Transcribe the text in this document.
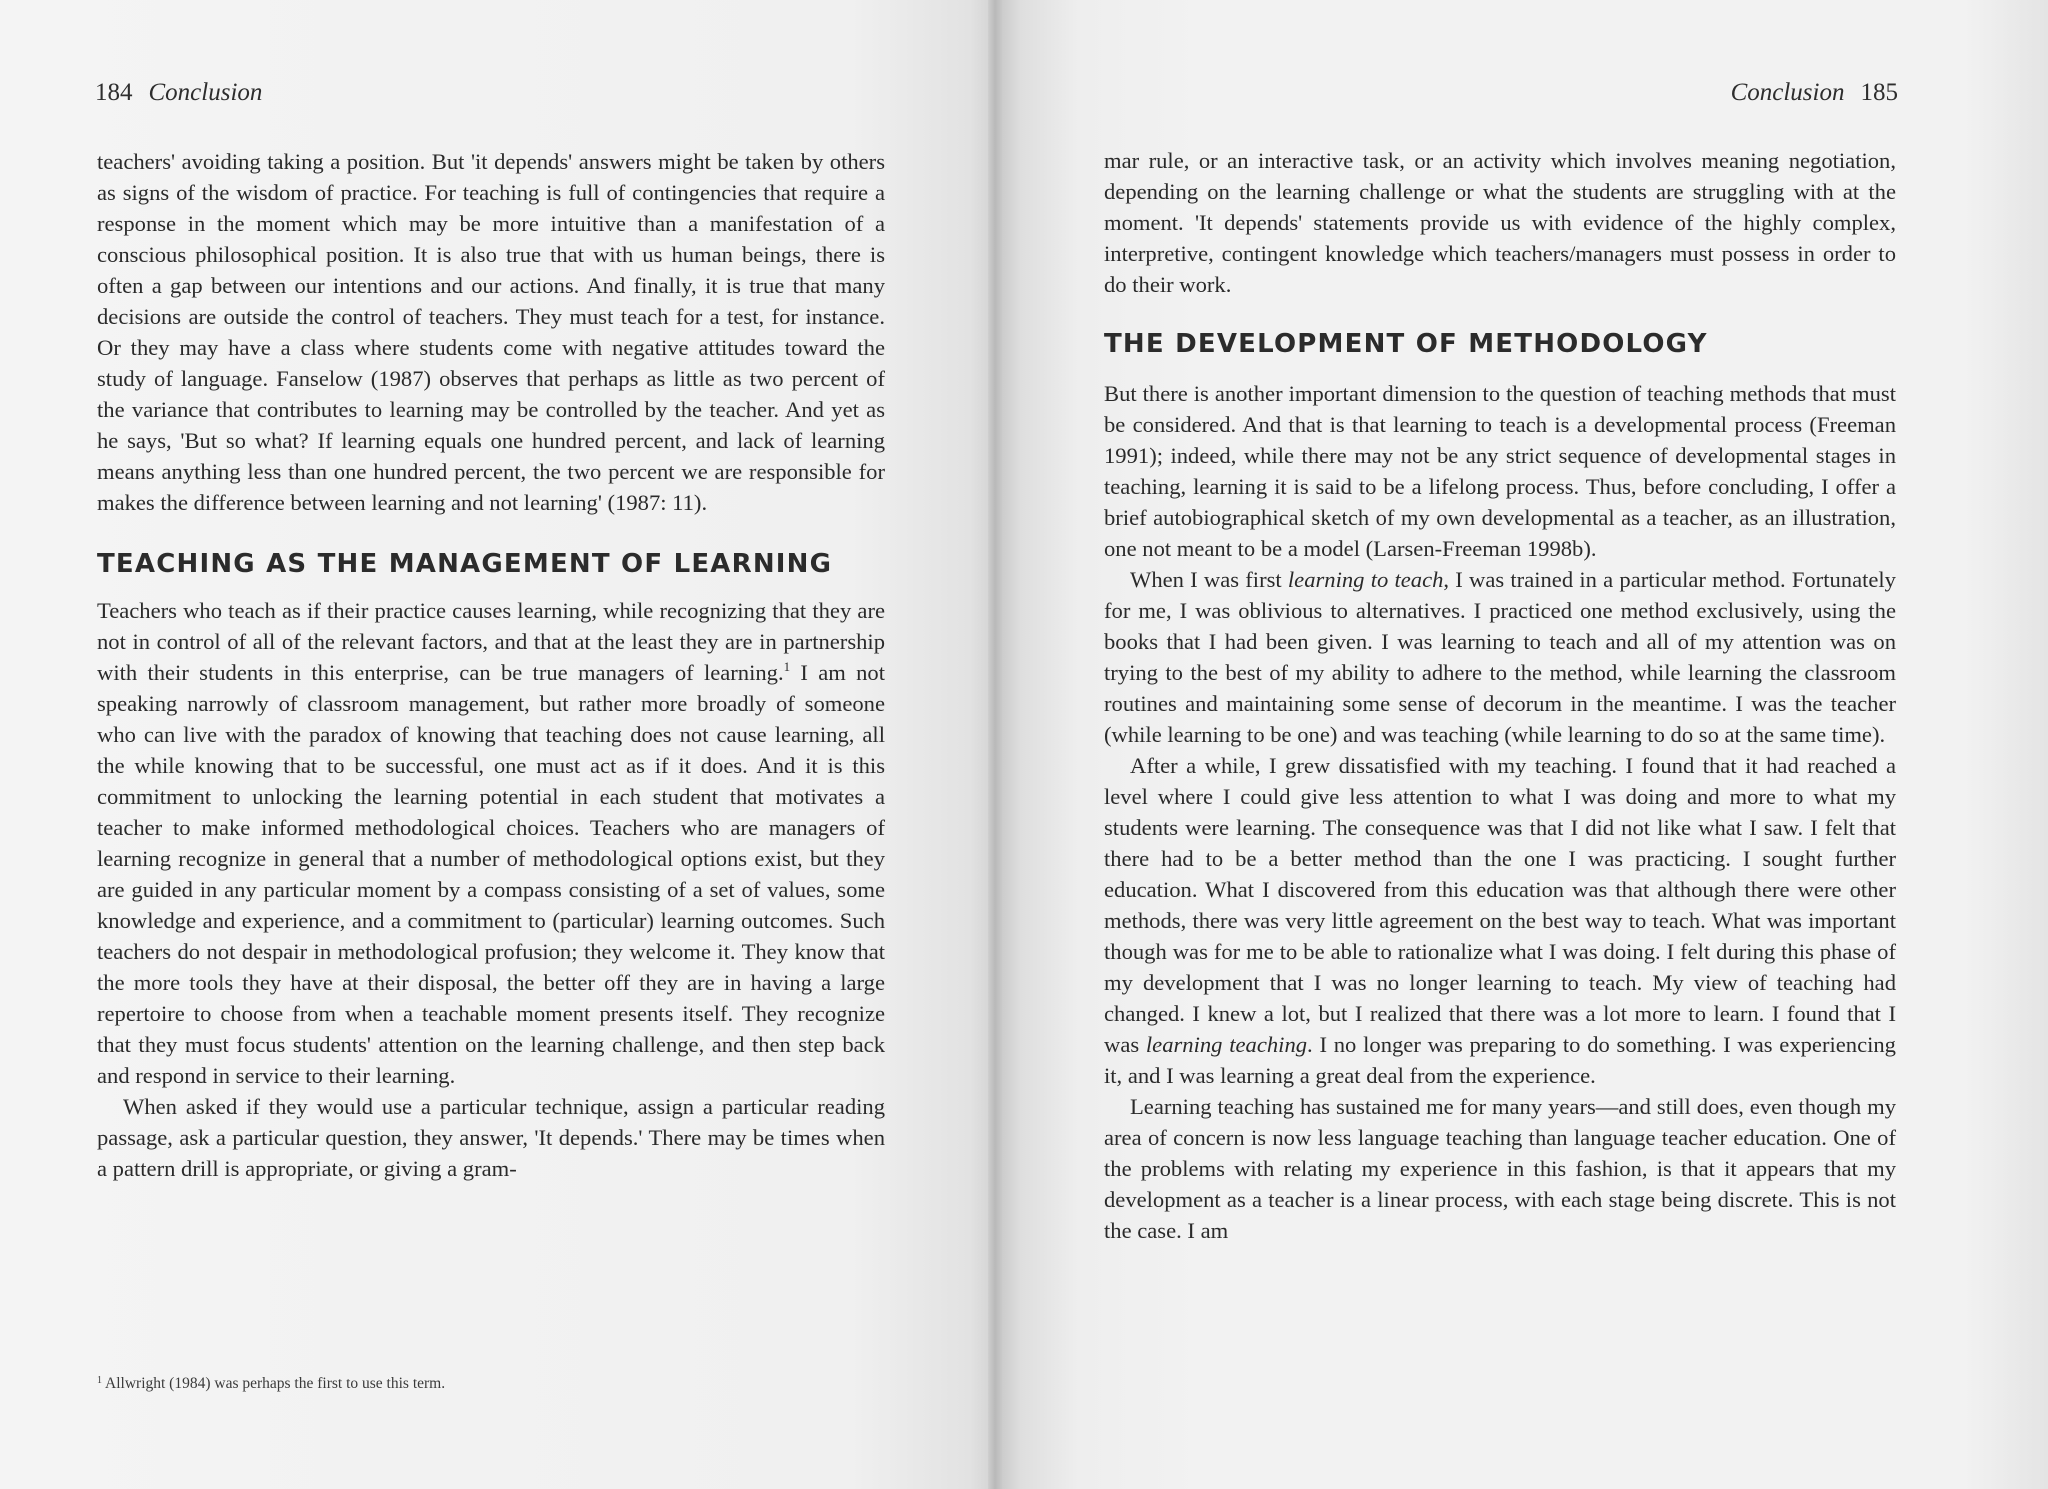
184 Conclusion

teachers' avoiding taking a position. But 'it depends' answers might be taken by others as signs of the wisdom of practice. For teaching is full of contingencies that require a response in the moment which may be more intuitive than a manifestation of a conscious philosophical position. It is also true that with us human beings, there is often a gap between our intentions and our actions. And finally, it is true that many decisions are outside the control of teachers. They must teach for a test, for instance. Or they may have a class where students come with negative attitudes toward the study of language. Fanselow (1987) observes that perhaps as little as two percent of the variance that contributes to learning may be controlled by the teacher. And yet as he says, 'But so what? If learning equals one hundred percent, and lack of learning means anything less than one hundred percent, the two percent we are responsible for makes the difference between learning and not learning' (1987: 11).

TEACHING AS THE MANAGEMENT OF LEARNING

Teachers who teach as if their practice causes learning, while recognizing that they are not in control of all of the relevant factors, and that at the least they are in partnership with their students in this enterprise, can be true managers of learning.$^1$ I am not speaking narrowly of classroom management, but rather more broadly of someone who can live with the paradox of knowing that teaching does not cause learning, all the while knowing that to be successful, one must act as if it does. And it is this commitment to unlocking the learning potential in each student that motivates a teacher to make informed methodological choices. Teachers who are managers of learning recognize in general that a number of methodological options exist, but they are guided in any particular moment by a compass consisting of a set of values, some knowledge and experience, and a commitment to (particular) learning outcomes. Such teachers do not despair in methodological profusion; they welcome it. They know that the more tools they have at their disposal, the better off they are in having a large repertoire to choose from when a teachable moment presents itself. They recognize that they must focus students' attention on the learning challenge, and then step back and respond in service to their learning.

When asked if they would use a particular technique, assign a particular reading passage, ask a particular question, they answer, 'It depends.' There may be times when a pattern drill is appropriate, or giving a gram-

$^1$ Allwright (1984) was perhaps the first to use this term.
Conclusion 185

mar rule, or an interactive task, or an activity which involves meaning negotiation, depending on the learning challenge or what the students are struggling with at the moment. 'It depends' statements provide us with evidence of the highly complex, interpretive, contingent knowledge which teachers/managers must possess in order to do their work.

THE DEVELOPMENT OF METHODOLOGY

But there is another important dimension to the question of teaching methods that must be considered. And that is that learning to teach is a developmental process (Freeman 1991); indeed, while there may not be any strict sequence of developmental stages in teaching, learning it is said to be a lifelong process. Thus, before concluding, I offer a brief autobiographical sketch of my own developmental as a teacher, as an illustration, one not meant to be a model (Larsen-Freeman 1998b).

When I was first learning to teach, I was trained in a particular method. Fortunately for me, I was oblivious to alternatives. I practiced one method exclusively, using the books that I had been given. I was learning to teach and all of my attention was on trying to the best of my ability to adhere to the method, while learning the classroom routines and maintaining some sense of decorum in the meantime. I was the teacher (while learning to be one) and was teaching (while learning to do so at the same time).

After a while, I grew dissatisfied with my teaching. I found that it had reached a level where I could give less attention to what I was doing and more to what my students were learning. The consequence was that I did not like what I saw. I felt that there had to be a better method than the one I was practicing. I sought further education. What I discovered from this education was that although there were other methods, there was very little agreement on the best way to teach. What was important though was for me to be able to rationalize what I was doing. I felt during this phase of my development that I was no longer learning to teach. My view of teaching had changed. I knew a lot, but I realized that there was a lot more to learn. I found that I was learning teaching. I no longer was preparing to do something. I was experiencing it, and I was learning a great deal from the experience.

Learning teaching has sustained me for many years—and still does, even though my area of concern is now less language teaching than language teacher education. One of the problems with relating my experience in this fashion, is that it appears that my development as a teacher is a linear process, with each stage being discrete. This is not the case. I am
